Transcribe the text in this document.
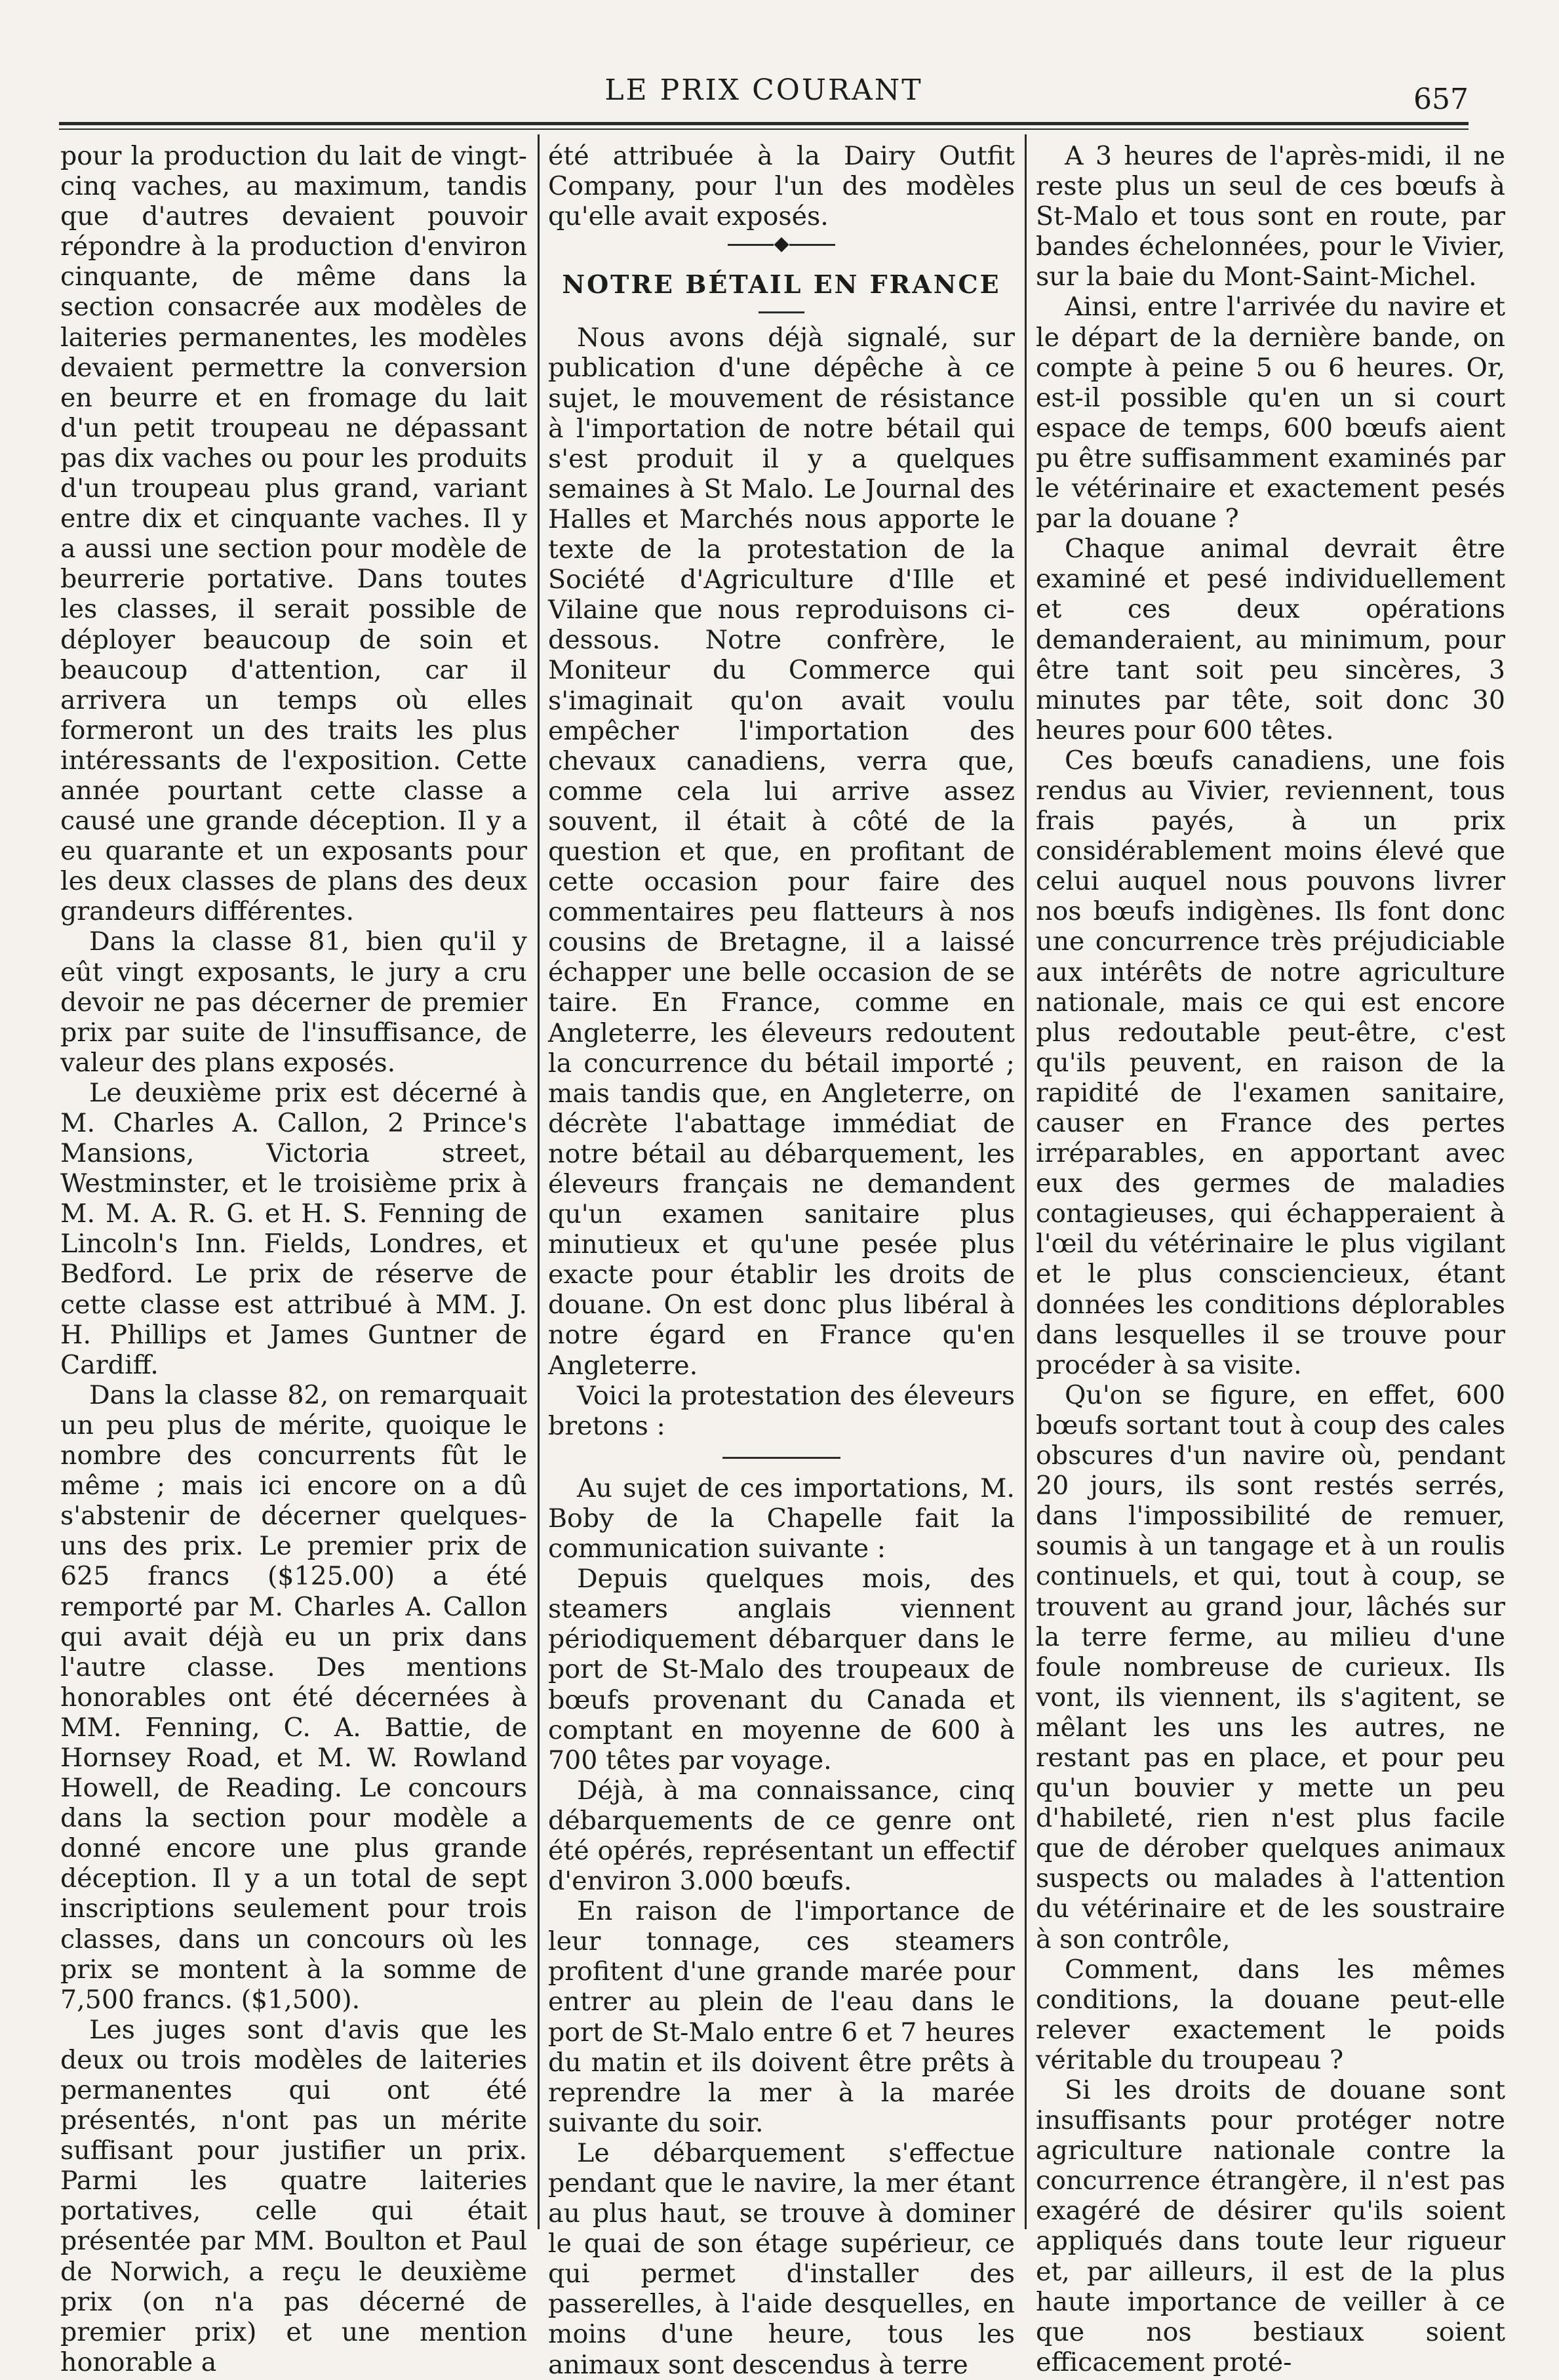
LE PRIX COURANT	657

pour la production du lait de vingt-cinq vaches, au maximum, tandis que d'autres devaient pouvoir répondre à la production d'environ cinquante, de même dans la section consacrée aux modèles de laiteries permanentes, les modèles devaient permettre la conversion en beurre et en fromage du lait d'un petit troupeau ne dépassant pas dix vaches ou pour les produits d'un troupeau plus grand, variant entre dix et cinquante vaches. Il y a aussi une section pour modèle de beurrerie portative. Dans toutes les classes, il serait possible de déployer beaucoup de soin et beaucoup d'attention, car il arrivera un temps où elles formeront un des traits les plus intéressants de l'exposition. Cette année pourtant cette classe a causé une grande déception. Il y a eu quarante et un exposants pour les deux classes de plans des deux grandeurs différentes.

Dans la classe 81, bien qu'il y eût vingt exposants, le jury a cru devoir ne pas décerner de premier prix par suite de l'insuffisance, de valeur des plans exposés.

Le deuxième prix est décerné à M. Charles A. Callon, 2 Prince's Mansions, Victoria street, Westminster, et le troisième prix à M. M. A. R. G. et H. S. Fenning de Lincoln's Inn. Fields, Londres, et Bedford. Le prix de réserve de cette classe est attribué à MM. J. H. Phillips et James Guntner de Cardiff.

Dans la classe 82, on remarquait un peu plus de mérite, quoique le nombre des concurrents fût le même ; mais ici encore on a dû s'abstenir de décerner quelques-uns des prix. Le premier prix de 625 francs ($125.00) a été remporté par M. Charles A. Callon qui avait déjà eu un prix dans l'autre classe. Des mentions honorables ont été décernées à MM. Fenning, C. A. Battie, de Hornsey Road, et M. W. Rowland Howell, de Reading. Le concours dans la section pour modèle a donné encore une plus grande déception. Il y a un total de sept inscriptions seulement pour trois classes, dans un concours où les prix se montent à la somme de 7,500 francs. ($1,500).

Les juges sont d'avis que les deux ou trois modèles de laiteries permanentes qui ont été présentés, n'ont pas un mérite suffisant pour justifier un prix. Parmi les quatre laiteries portatives, celle qui était présentée par MM. Boulton et Paul de Norwich, a reçu le deuxième prix (on n'a pas décerné de premier prix) et une mention honorable a

été attribuée à la Dairy Outfit Company, pour l'un des modèles qu'elle avait exposés.

◆
NOTRE BÉTAIL EN FRANCE

Nous avons déjà signalé, sur publication d'une dépêche à ce sujet, le mouvement de résistance à l'importation de notre bétail qui s'est produit il y a quelques semaines à St Malo. Le Journal des Halles et Marchés nous apporte le texte de la protestation de la Société d'Agriculture d'Ille et Vilaine que nous reproduisons ci-dessous. Notre confrère, le Moniteur du Commerce qui s'imaginait qu'on avait voulu empêcher l'importation des chevaux canadiens, verra que, comme cela lui arrive assez souvent, il était à côté de la question et que, en profitant de cette occasion pour faire des commentaires peu flatteurs à nos cousins de Bretagne, il a laissé échapper une belle occasion de se taire. En France, comme en Angleterre, les éleveurs redoutent la concurrence du bétail importé ; mais tandis que, en Angleterre, on décrète l'abattage immédiat de notre bétail au débarquement, les éleveurs français ne demandent qu'un examen sanitaire plus minutieux et qu'une pesée plus exacte pour établir les droits de douane. On est donc plus libéral à notre égard en France qu'en Angleterre.

Voici la protestation des éleveurs bretons :

Au sujet de ces importations, M. Boby de la Chapelle fait la communication suivante :

Depuis quelques mois, des steamers anglais viennent périodiquement débarquer dans le port de St-Malo des troupeaux de bœufs provenant du Canada et comptant en moyenne de 600 à 700 têtes par voyage.

Déjà, à ma connaissance, cinq débarquements de ce genre ont été opérés, représentant un effectif d'environ 3.000 bœufs.

En raison de l'importance de leur tonnage, ces steamers profitent d'une grande marée pour entrer au plein de l'eau dans le port de St-Malo entre 6 et 7 heures du matin et ils doivent être prêts à reprendre la mer à la marée suivante du soir.

Le débarquement s'effectue pendant que le navire, la mer étant au plus haut, se trouve à dominer le quai de son étage supérieur, ce qui permet d'installer des passerelles, à l'aide desquelles, en moins d'une heure, tous les animaux sont descendus à terre

A 3 heures de l'après-midi, il ne reste plus un seul de ces bœufs à St-Malo et tous sont en route, par bandes échelonnées, pour le Vivier, sur la baie du Mont-Saint-Michel.

Ainsi, entre l'arrivée du navire et le départ de la dernière bande, on compte à peine 5 ou 6 heures. Or, est-il possible qu'en un si court espace de temps, 600 bœufs aient pu être suffisamment examinés par le vétérinaire et exactement pesés par la douane ?

Chaque animal devrait être examiné et pesé individuellement et ces deux opérations demanderaient, au minimum, pour être tant soit peu sincères, 3 minutes par tête, soit donc 30 heures pour 600 têtes.

Ces bœufs canadiens, une fois rendus au Vivier, reviennent, tous frais payés, à un prix considérablement moins élevé que celui auquel nous pouvons livrer nos bœufs indigènes. Ils font donc une concurrence très préjudiciable aux intérêts de notre agriculture nationale, mais ce qui est encore plus redoutable peut-être, c'est qu'ils peuvent, en raison de la rapidité de l'examen sanitaire, causer en France des pertes irréparables, en apportant avec eux des germes de maladies contagieuses, qui échapperaient à l'œil du vétérinaire le plus vigilant et le plus consciencieux, étant données les conditions déplorables dans lesquelles il se trouve pour procéder à sa visite.

Qu'on se figure, en effet, 600 bœufs sortant tout à coup des cales obscures d'un navire où, pendant 20 jours, ils sont restés serrés, dans l'impossibilité de remuer, soumis à un tangage et à un roulis continuels, et qui, tout à coup, se trouvent au grand jour, lâchés sur la terre ferme, au milieu d'une foule nombreuse de curieux. Ils vont, ils viennent, ils s'agitent, se mêlant les uns les autres, ne restant pas en place, et pour peu qu'un bouvier y mette un peu d'habileté, rien n'est plus facile que de dérober quelques animaux suspects ou malades à l'attention du vétérinaire et de les soustraire à son contrôle,

Comment, dans les mêmes conditions, la douane peut-elle relever exactement le poids véritable du troupeau ?

Si les droits de douane sont insuffisants pour protéger notre agriculture nationale contre la concurrence étrangère, il n'est pas exagéré de désirer qu'ils soient appliqués dans toute leur rigueur et, par ailleurs, il est de la plus haute importance de veiller à ce que nos bestiaux soient efficacement proté-
